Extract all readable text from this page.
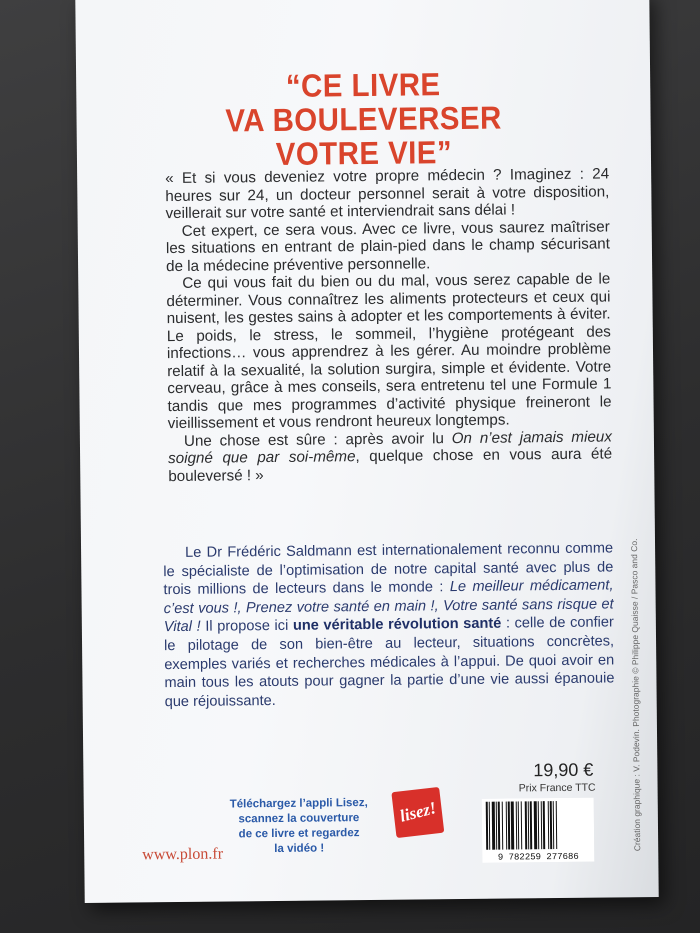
“CE LIVRE
VA BOULEVERSER
VOTRE VIE”

« Et si vous deveniez votre propre médecin ? Imaginez : 24 heures sur 24, un docteur personnel serait à votre disposition, veillerait sur votre santé et interviendrait sans délai !

Cet expert, ce sera vous. Avec ce livre, vous saurez maîtriser les situations en entrant de plain-pied dans le champ sécurisant de la médecine préventive personnelle.

Ce qui vous fait du bien ou du mal, vous serez capable de le déterminer. Vous connaîtrez les aliments protecteurs et ceux qui nuisent, les gestes sains à adopter et les comportements à éviter. Le poids, le stress, le sommeil, l’hygiène protégeant des infections… vous apprendrez à les gérer. Au moindre problème relatif à la sexualité, la solution surgira, simple et évidente. Votre cerveau, grâce à mes conseils, sera entretenu tel une Formule 1 tandis que mes programmes d’activité physique freineront le vieillissement et vous rendront heureux longtemps.

Une chose est sûre : après avoir lu On n’est jamais mieux soigné que par soi-même, quelque chose en vous aura été bouleversé ! »

Le Dr Frédéric Saldmann est internationalement reconnu comme le spécialiste de l’optimisation de notre capital santé avec plus de trois millions de lecteurs dans le monde : Le meilleur médicament, c’est vous !, Prenez votre santé en main !, Votre santé sans risque et Vital ! Il propose ici une véritable révolution santé : celle de confier le pilotage de son bien-être au lecteur, situations concrètes, exemples variés et recherches médicales à l’appui. De quoi avoir en main tous les atouts pour gagner la partie d’une vie aussi épanouie que réjouissante.
Téléchargez l’appli Lisez,
scannez la couverture
de ce livre et regardez
la vidéo !
lisez!
19,90 €
Prix France TTC
9 782259 277686
www.plon.fr
Création graphique : V. Podevin. Photographie © Philippe Quaisse / Pasco and Co.
